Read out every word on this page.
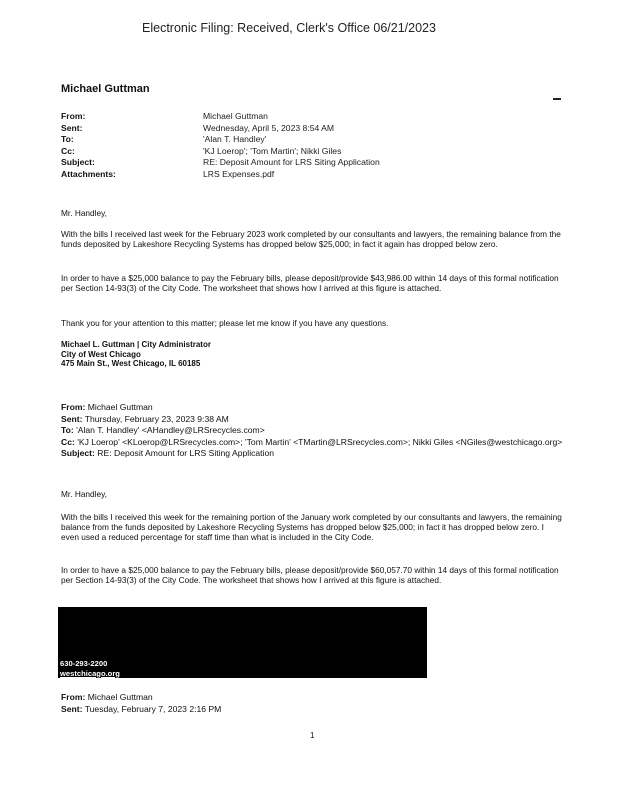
Electronic Filing: Received, Clerk's Office 06/21/2023
Michael Guttman
From:	Michael Guttman
Sent:	Wednesday, April 5, 2023 8:54 AM
To:	'Alan T. Handley'
Cc:	'KJ Loerop'; 'Tom Martin'; Nikki Giles
Subject:	RE: Deposit Amount for LRS Siting Application
Attachments:	LRS Expenses.pdf
Mr. Handley,
With the bills I received last week for the February 2023 work completed by our consultants and lawyers, the remaining balance from the funds deposited by Lakeshore Recycling Systems has dropped below $25,000; in fact it again has dropped below zero.
In order to have a $25,000 balance to pay the February bills, please deposit/provide $43,986.00 within 14 days of this formal notification per Section 14-93(3) of the City Code. The worksheet that shows how I arrived at this figure is attached.
Thank you for your attention to this matter; please let me know if you have any questions.
Michael L. Guttman | City Administrator
City of West Chicago
475 Main St., West Chicago, IL 60185
From: Michael Guttman
Sent: Thursday, February 23, 2023 9:38 AM
To: 'Alan T. Handley' <AHandley@LRSrecycles.com>
Cc: 'KJ Loerop' <KLoerop@LRSrecycles.com>; 'Tom Martin' <TMartin@LRSrecycles.com>; Nikki Giles <NGiles@westchicago.org>
Subject: RE: Deposit Amount for LRS Siting Application
Mr. Handley,
With the bills I received this week for the remaining portion of the January work completed by our consultants and lawyers, the remaining balance from the funds deposited by Lakeshore Recycling Systems has dropped below $25,000; in fact it has dropped below zero. I even used a reduced percentage for staff time than what is included in the City Code.
In order to have a $25,000 balance to pay the February bills, please deposit/provide $60,057.70 within 14 days of this formal notification per Section 14-93(3) of the City Code. The worksheet that shows how I arrived at this figure is attached.
630-293-2200
westchicago.org
From: Michael Guttman
Sent: Tuesday, February 7, 2023 2:16 PM
1
